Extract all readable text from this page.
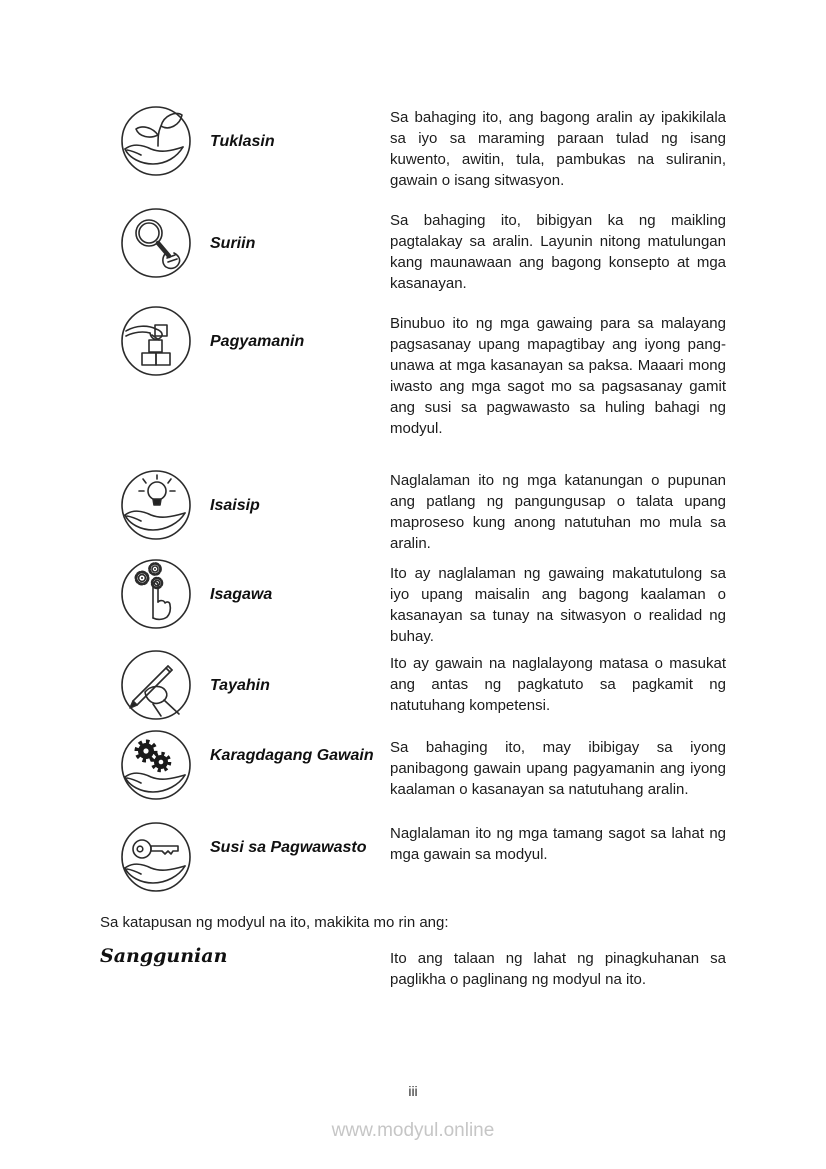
Tuklasin
Sa bahaging ito, ang bagong aralin ay ipakikilala sa iyo sa maraming paraan tulad ng isang kuwento, awitin, tula, pambukas na suliranin, gawain o isang sitwasyon.
Suriin
Sa bahaging ito, bibigyan ka ng maikling pagtalakay sa aralin. Layunin nitong matulungan kang maunawaan ang bagong konsepto at mga kasanayan.
Pagyamanin
Binubuo ito ng mga gawaing para sa malayang pagsasanay upang mapagtibay ang iyong pang-unawa at mga kasanayan sa paksa. Maaari mong iwasto ang mga sagot mo sa pagsasanay gamit ang susi sa pagwawasto sa huling bahagi ng modyul.
Isaisip
Naglalaman ito ng mga katanungan o pupunan ang patlang ng pangungusap o talata upang maproseso kung anong natutuhan mo mula sa aralin.
Isagawa
Ito ay naglalaman ng gawaing makatutulong sa iyo upang maisalin ang bagong kaalaman o kasanayan sa tunay na sitwasyon o realidad ng buhay.
Tayahin
Ito ay gawain na naglalayong matasa o masukat ang antas ng pagkatuto sa pagkamit ng natutuhang kompetensi.
Karagdagang Gawain Sa bahaging ito, may ibibigay sa iyong panibagong gawain upang pagyamanin ang iyong kaalaman o kasanayan sa natutuhang aralin.
Susi sa Pagwawasto
Naglalaman ito ng mga tamang sagot sa lahat ng mga gawain sa modyul.
Sa katapusan ng modyul na ito, makikita mo rin ang:
Sanggunian	Ito ang talaan ng lahat ng pinagkuhanan sa paglikha o paglinang ng modyul na ito.
iii
www.modyul.online
